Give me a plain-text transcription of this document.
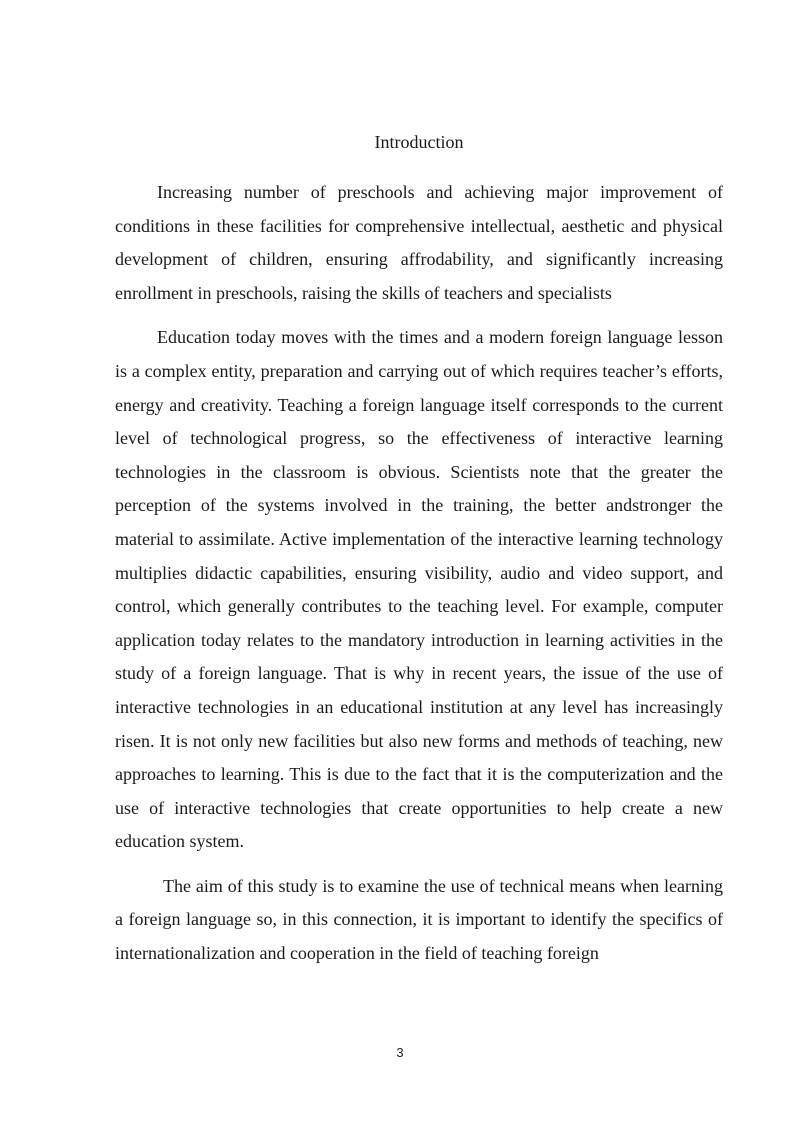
Introduction

Increasing number of preschools and achieving major improvement of conditions in these facilities for comprehensive intellectual, aesthetic and physical development of children, ensuring affrodability, and significantly increasing enrollment in preschools, raising the skills of teachers and specialists

Education today moves with the times and a modern foreign language lesson is a complex entity, preparation and carrying out of which requires teacher’s efforts, energy and creativity. Teaching a foreign language itself corresponds to the current level of technological progress, so the effectiveness of interactive learning technologies in the classroom is obvious. Scientists note that the greater the perception of the systems involved in the training, the better andstronger the material to assimilate. Active implementation of the interactive learning technology multiplies didactic capabilities, ensuring visibility, audio and video support, and control, which generally contributes to the teaching level. For example, computer application today relates to the mandatory introduction in learning activities in the study of a foreign language. That is why in recent years, the issue of the use of interactive technologies in an educational institution at any level has increasingly risen. It is not only new facilities but also new forms and methods of teaching, new approaches to learning. This is due to the fact that it is the computerization and the use of interactive technologies that create opportunities to help create a new education system.

The aim of this study is to examine the use of technical means when learning a foreign language so, in this connection, it is important to identify the specifics of internationalization and cooperation in the field of teaching foreign

3
